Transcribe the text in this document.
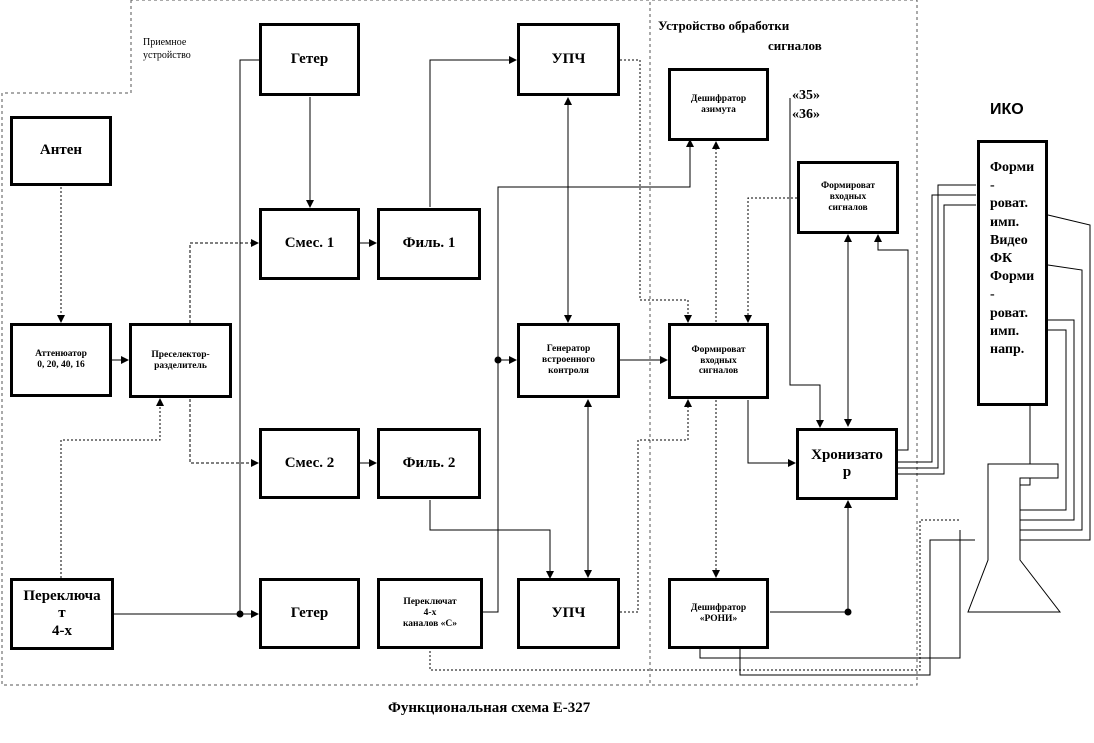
Приемное
устройство
Устройство обработки
сигналов
Антен
Аттенюатор
0, 20, 40, 16
Преселектор-
разделитель
Переключа
т
4-х
Гетер
Смес. 1
Смес. 2
Гетер
Филь. 1
Филь. 2
Переключат
4-х
каналов «С»
УПЧ
Генератор
встроенного
контроля
УПЧ
Дешифратор
азимута
Формироват
входных
сигналов
Дешифратор
«РОНИ»
Формироват
входных
сигналов
Хронизато
р
Форми
-
роват.
имп.
Видео
ФК
Форми
-
роват.
имп.
напр.
«35»
«36»	ИКО
Функциональная схема Е-327
